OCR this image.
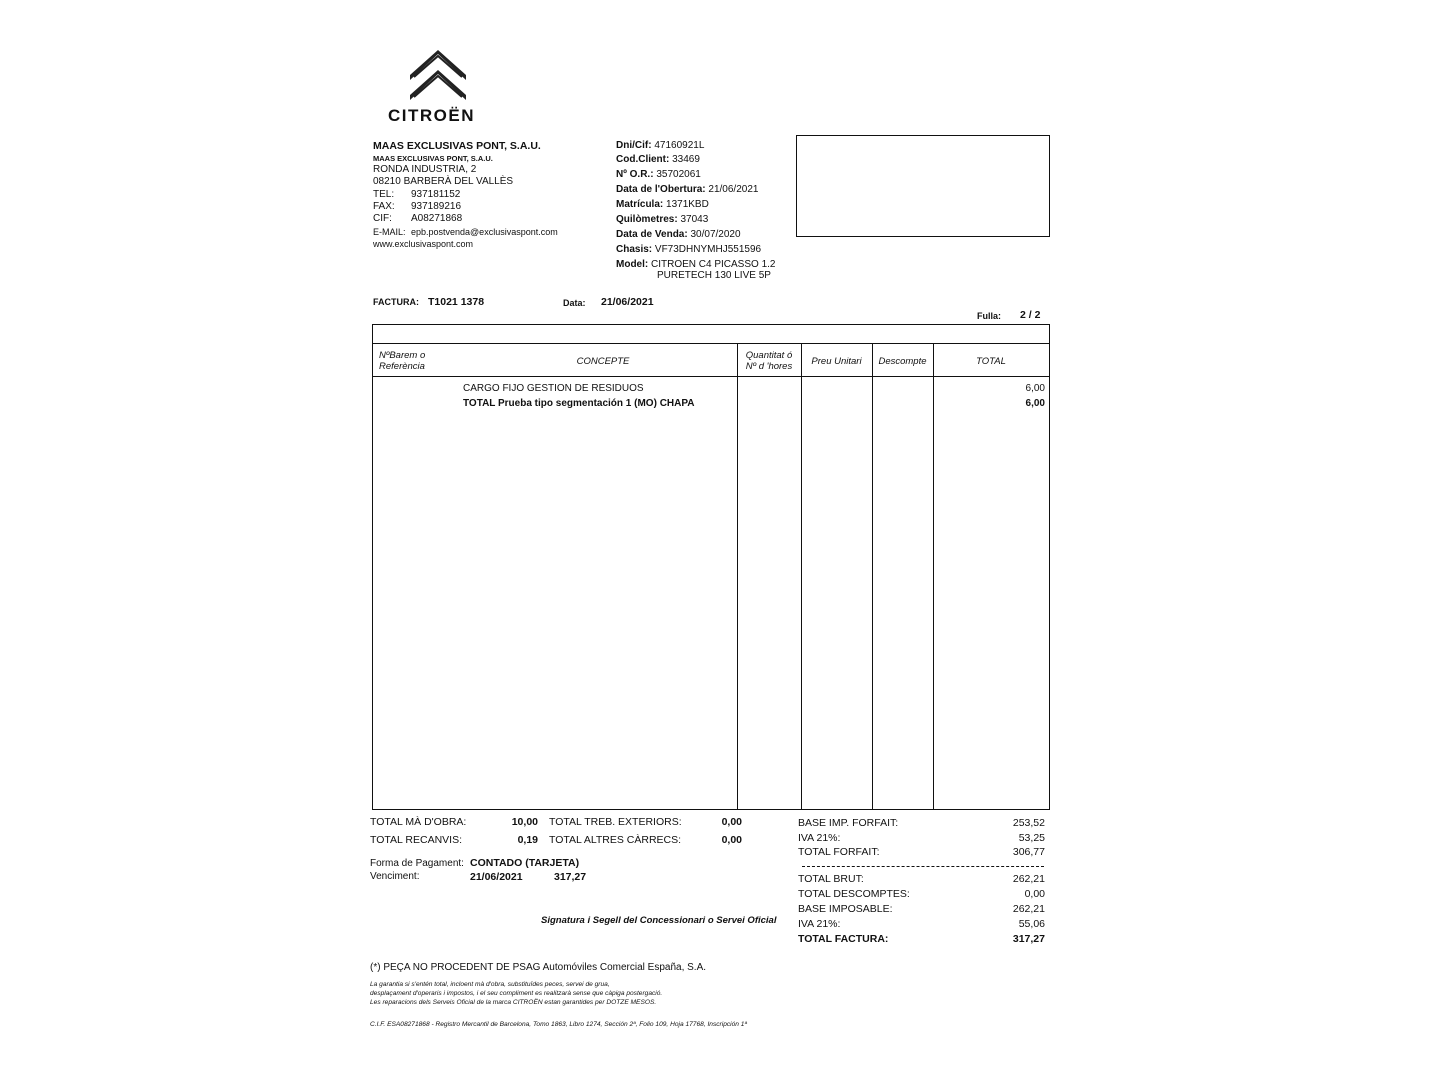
CITROËN
MAAS EXCLUSIVAS PONT, S.A.U.
MAAS EXCLUSIVAS PONT, S.A.U.
RONDA INDUSTRIA, 2
08210 BARBERÀ DEL VALLÈS
TEL: 937181152
FAX: 937189216
CIF: A08271868
E-MAIL: epb.postvenda@exclusivaspont.com
www.exclusivaspont.com
Dni/Cif: 47160921L
Cod.Client: 33469
Nº O.R.: 35702061
Data de l'Obertura: 21/06/2021
Matrícula: 1371KBD
Quilòmetres: 37043
Data de Venda: 30/07/2020
Chasis: VF73DHNYMHJ551596
Model: CITROEN C4 PICASSO 1.2
PURETECH 130 LIVE 5P
FACTURA: T1021 1378	Data: 21/06/2021
Fulla: 2 / 2
NºBarem o
Referència	CONCEPTE
Quantitat ó
Nº d 'hores	Preu Unitari	Descompte	TOTAL
CARGO FIJO GESTION DE RESIDUOS	6,00
TOTAL Prueba tipo segmentación 1 (MO) CHAPA	6,00
TOTAL MÀ D'OBRA:	10,00
TOTAL RECANVIS:	0,19
TOTAL TREB. EXTERIORS:	0,00
TOTAL ALTRES CÀRRECS:	0,00
Forma de Pagament: CONTADO (TARJETA)
Venciment:	21/06/2021	317,27
Signatura i Segell del Concessionari o Servei Oficial
BASE IMP. FORFAIT:	253,52
IVA 21%:	53,25
TOTAL FORFAIT:	306,77
TOTAL BRUT:	262,21
TOTAL DESCOMPTES:	0,00
BASE IMPOSABLE:	262,21
IVA 21%:	55,06
TOTAL FACTURA:	317,27
(*) PEÇA NO PROCEDENT DE PSAG Automóviles Comercial España, S.A.
La garantia si s'entén total, incloent mà d'obra, substituïdes peces, servei de grua,
desplaçament d'operaris i impostos, i el seu compliment es realitzarà sense que càpiga postergació.
Les reparacions dels Serveis Oficial de la marca CITROËN estan garantides per DOTZE MESOS.
C.I.F. ESA08271868 - Registro Mercantil de Barcelona, Tomo 1863, Libro 1274, Sección 2ª, Folio 109, Hoja 17768, Inscripción 1ª
